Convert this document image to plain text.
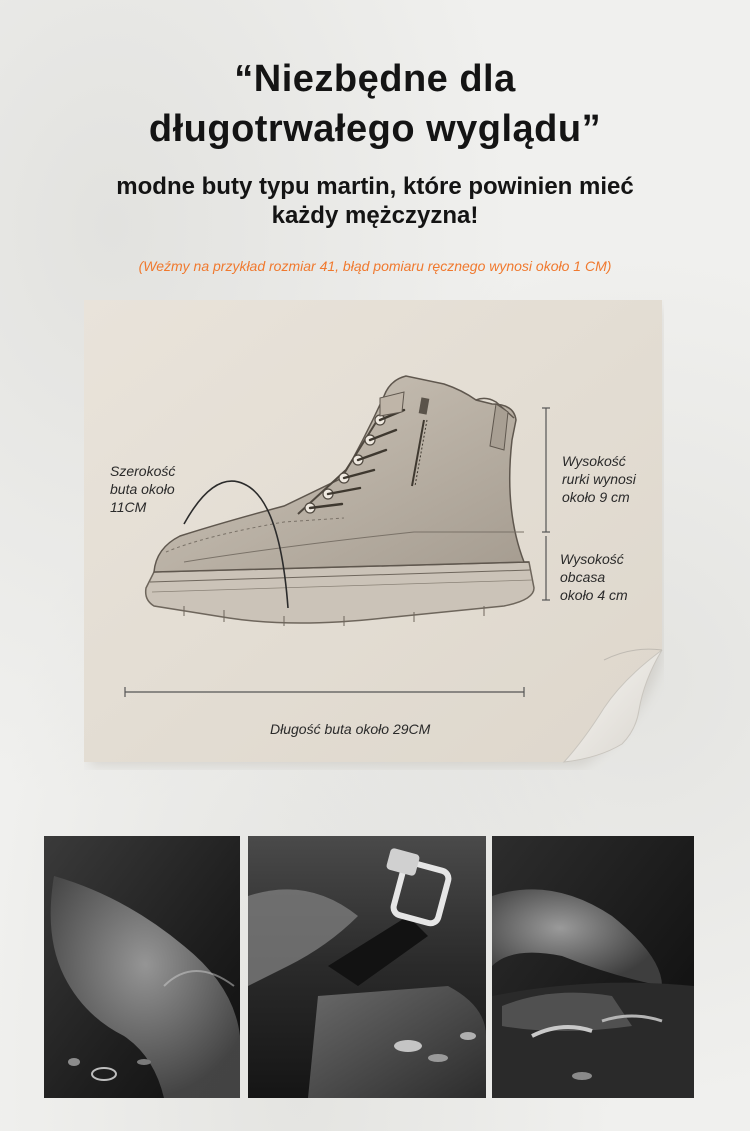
“Niezbędne dla
długotrwałego wyglądu”
modne buty typu martin, które powinien mieć
każdy mężczyzna!
(Weźmy na przykład rozmiar 41, błąd pomiaru ręcznego wynosi około 1 CM)
Szerokość
buta około
11CM
Wysokość
rurki wynosi
około 9 cm
Wysokość
obcasa
około 4 cm
Długość buta około 29CM
